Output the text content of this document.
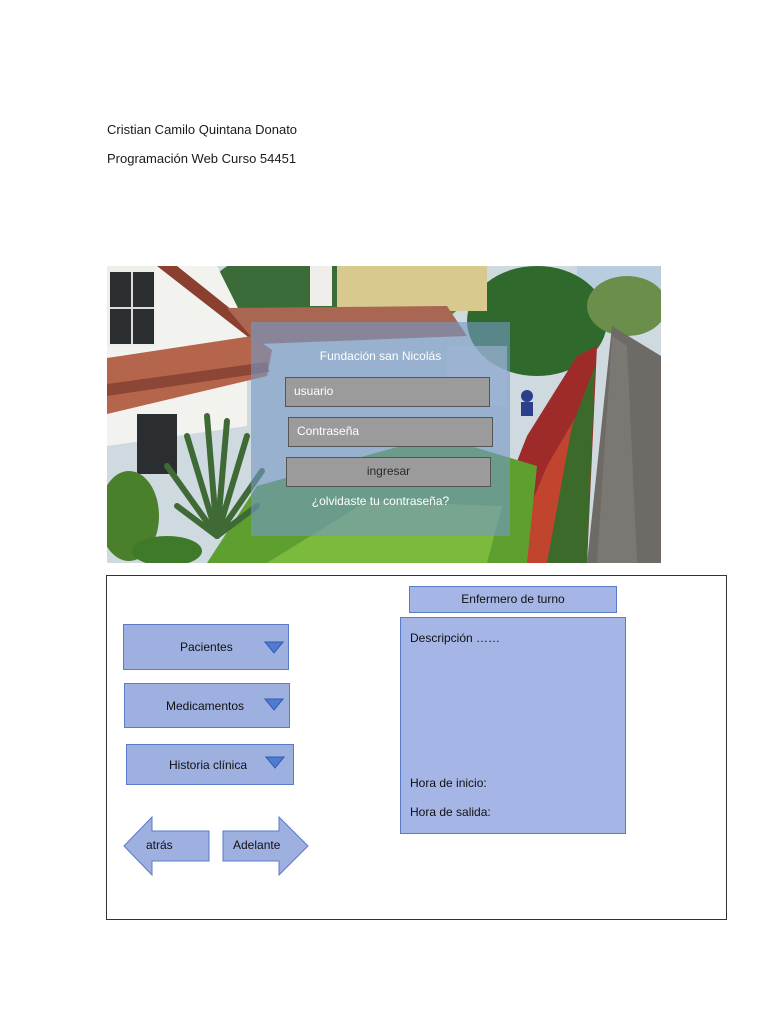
Cristian Camilo Quintana Donato
Programación Web Curso 54451
Fundación san Nicolás
usuario
Contraseña
ingresar
¿olvidaste tu contraseña?
Pacientes
Medicamentos
Historia clínica
atrás	Adelante
Enfermero de turno
Descripción ……
Hora de inicio:
Hora de salida:
